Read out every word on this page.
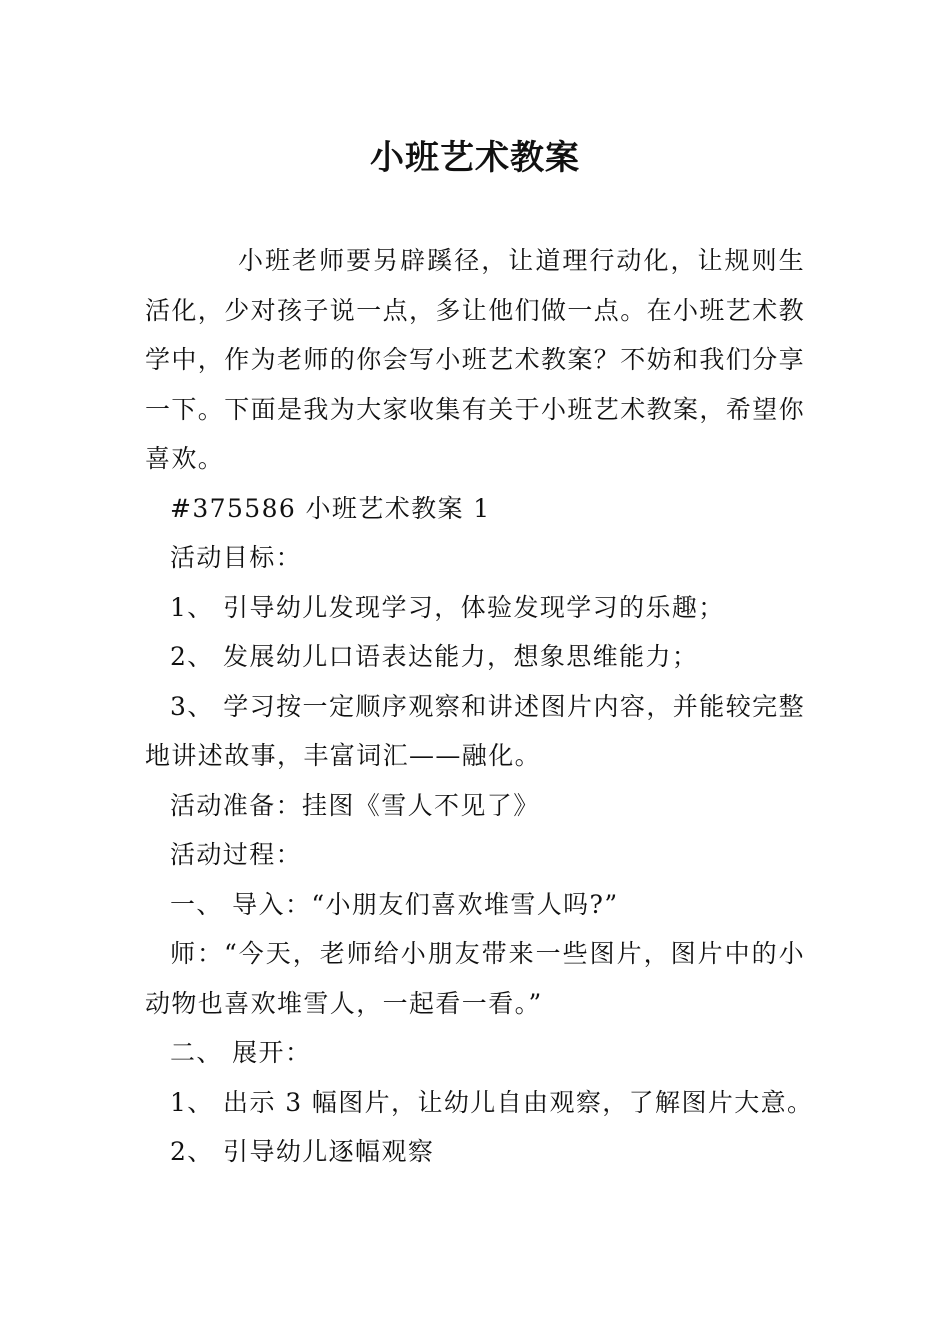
小班艺术教案

小班老师要另辟蹊径，让道理行动化，让规则生活化，少对孩子说一点，多让他们做一点。在小班艺术教学中，作为老师的你会写小班艺术教案？不妨和我们分享一下。下面是我为大家收集有关于小班艺术教案，希望你喜欢。

#375586 小班艺术教案 1

活动目标：

1、 引导幼儿发现学习，体验发现学习的乐趣；

2、 发展幼儿口语表达能力，想象思维能力；

3、 学习按一定顺序观察和讲述图片内容，并能较完整地讲述故事，丰富词汇——融化。

活动准备：挂图《雪人不见了》

活动过程：

一、 导入：“小朋友们喜欢堆雪人吗?”

师：“今天，老师给小朋友带来一些图片，图片中的小动物也喜欢堆雪人，一起看一看。”

二、 展开：

1、 出示 3 幅图片，让幼儿自由观察，了解图片大意。

2、 引导幼儿逐幅观察
